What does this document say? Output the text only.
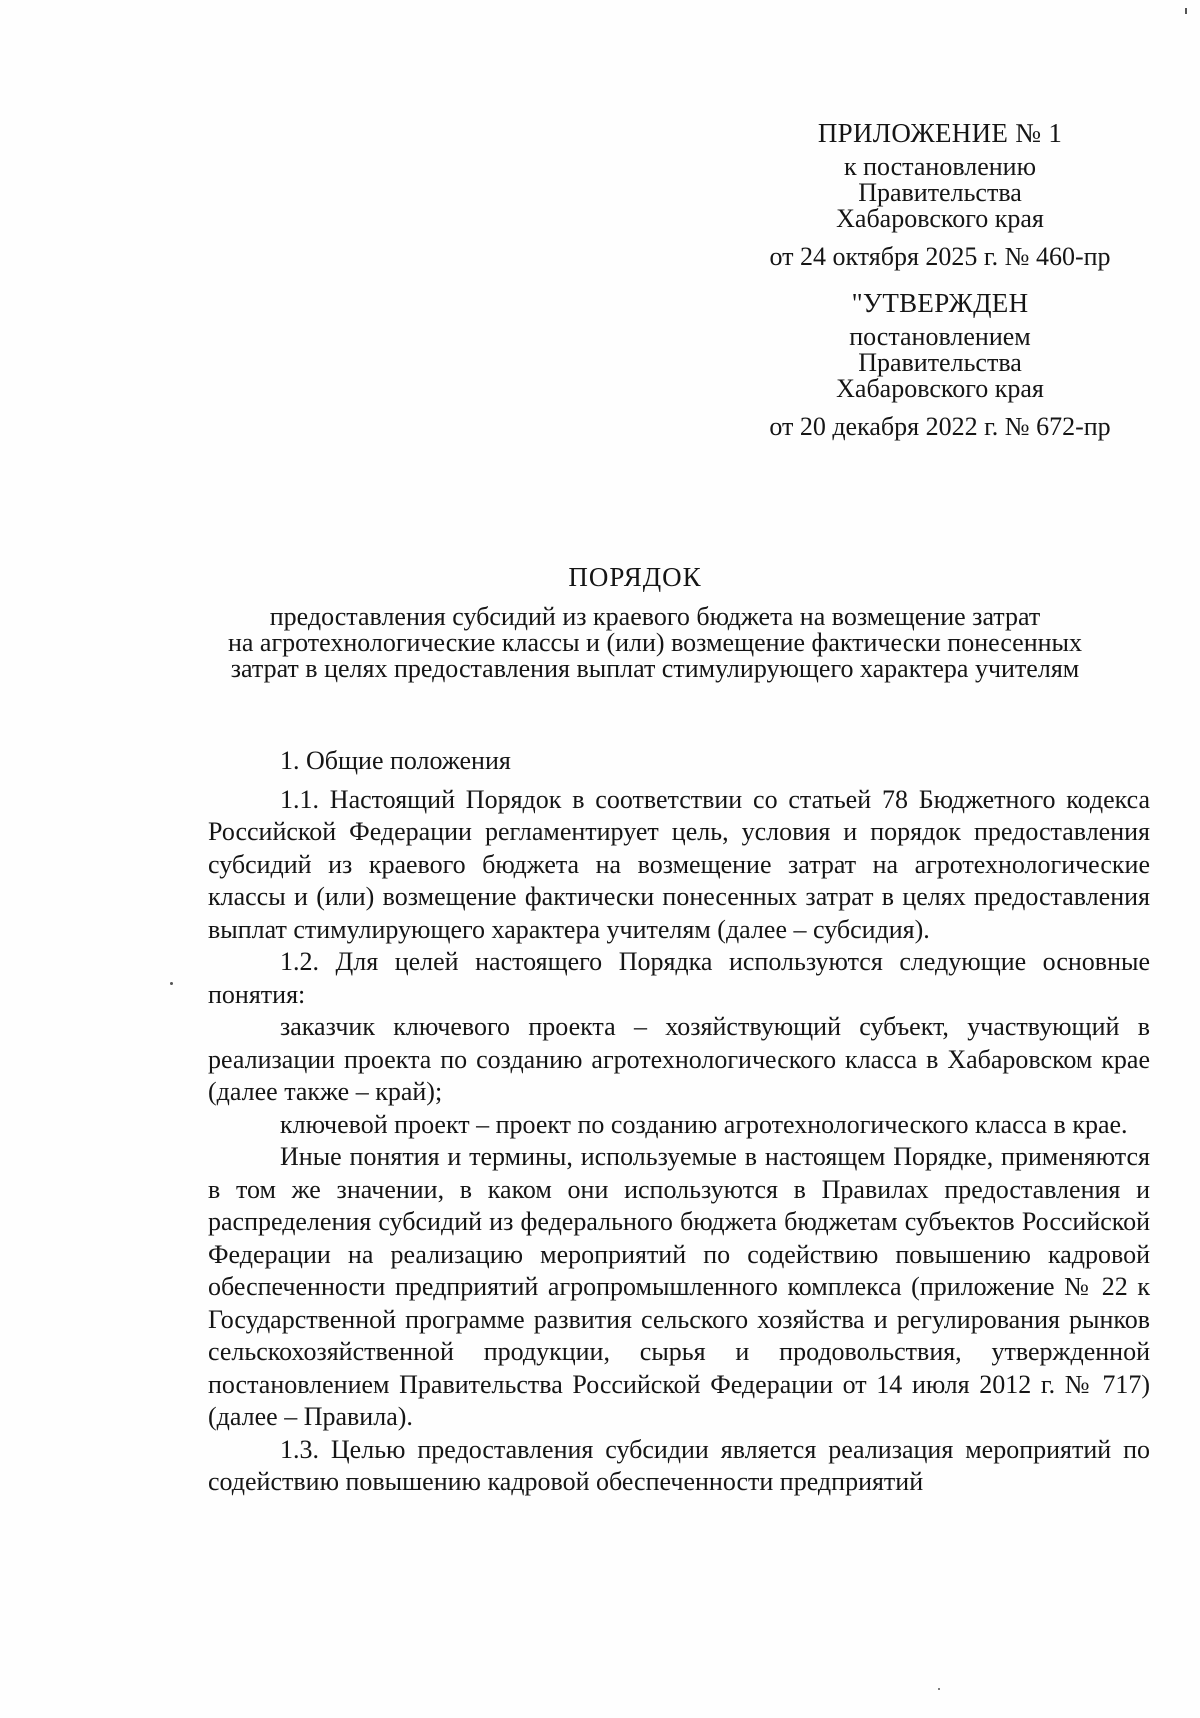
ПРИЛОЖЕНИЕ № 1
к постановлению
Правительства
Хабаровского края
от 24 октября 2025 г. № 460-пр
"УТВЕРЖДЕН
постановлением
Правительства
Хабаровского края
от 20 декабря 2022 г. № 672-пр
ПОРЯДОК
предоставления субсидий из краевого бюджета на возмещение затрат
на агротехнологические классы и (или) возмещение фактически понесенных
затрат в целях предоставления выплат стимулирующего характера учителям
1. Общие положения

1.1. Настоящий Порядок в соответствии со статьей 78 Бюджетного кодекса Российской Федерации регламентирует цель, условия и порядок предоставления субсидий из краевого бюджета на возмещение затрат на агротехнологические классы и (или) возмещение фактически понесенных затрат в целях предоставления выплат стимулирующего характера учителям (далее – субсидия).

1.2. Для целей настоящего Порядка используются следующие основные понятия:

заказчик ключевого проекта – хозяйствующий субъект, участвующий в реализации проекта по созданию агротехнологического класса в Хабаровском крае (далее также – край);

ключевой проект – проект по созданию агротехнологического класса в крае.

Иные понятия и термины, используемые в настоящем Порядке, применяются в том же значении, в каком они используются в Правилах предоставления и распределения субсидий из федерального бюджета бюджетам субъектов Российской Федерации на реализацию мероприятий по содействию повышению кадровой обеспеченности предприятий агропромышленного комплекса (приложение № 22 к Государственной программе развития сельского хозяйства и регулирования рынков сельскохозяйственной продукции, сырья и продовольствия, утвержденной постановлением Правительства Российской Федерации от 14 июля 2012 г. № 717) (далее – Правила).

1.3. Целью предоставления субсидии является реализация мероприятий по содействию повышению кадровой обеспеченности предприятий
